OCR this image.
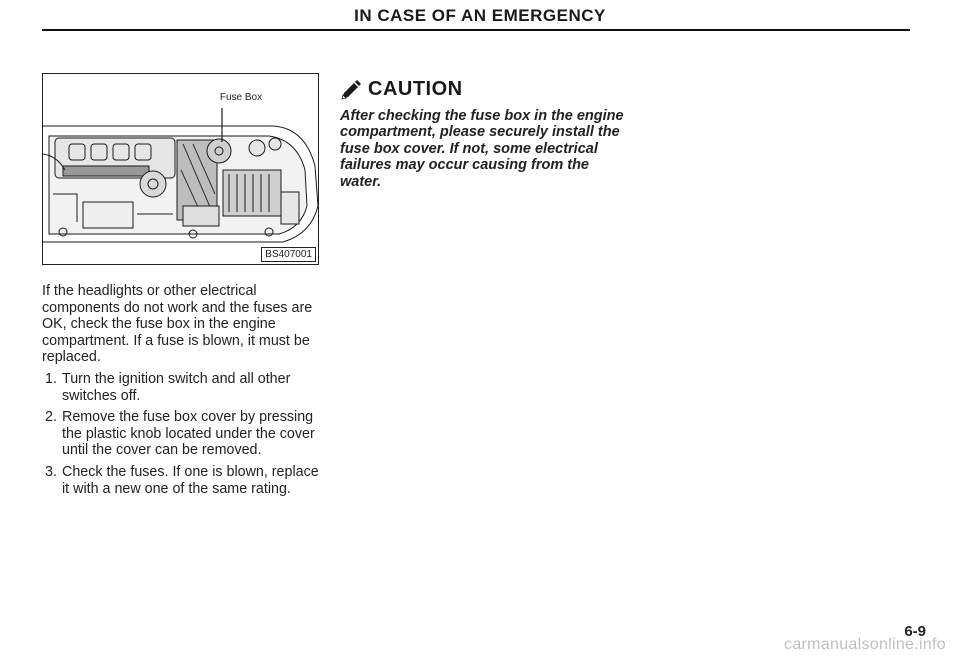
IN CASE OF AN EMERGENCY
Fuse Box
BS407001

If the headlights or other electrical components do not work and the fuses are OK, check the fuse box in the engine compartment. If a fuse is blown, it must be replaced.

1. Turn the ignition switch and all other switches off.
2. Remove the fuse box cover by pressing the plastic knob located under the cover until the cover can be removed.
3. Check the fuses. If one is blown, replace it with a new one of the same rating.
CAUTION
After checking the fuse box in the engine compartment, please securely install the fuse box cover. If not, some electrical failures may occur causing from the water.
6-9
carmanualsonline.info
